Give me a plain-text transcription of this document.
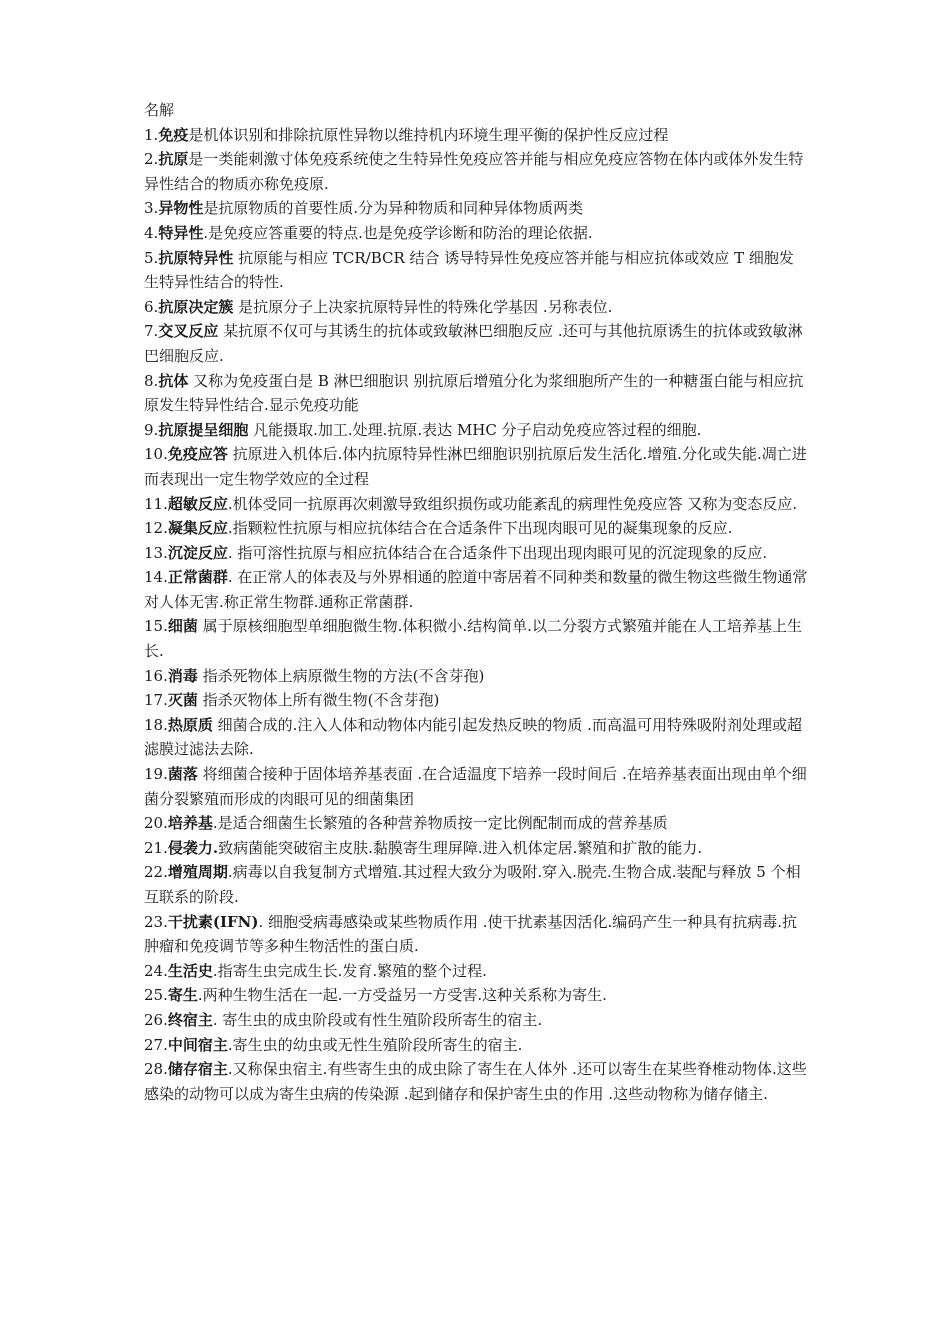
名解

1.免疫是机体识别和排除抗原性异物以维持机内环境生理平衡的保护性反应过程

2.抗原是一类能刺激寸体免疫系统使之生特异性免疫应答并能与相应免疫应答物在体内或体外发生特异性结合的物质亦称免疫原.

3.异物性是抗原物质的首要性质.分为异种物质和同种异体物质两类

4.特异性.是免疫应答重要的特点.也是免疫学诊断和防治的理论依据.

5.抗原特异性 抗原能与相应 TCR/BCR 结合 诱导特异性免疫应答并能与相应抗体或效应 T 细胞发生特异性结合的特性.

6.抗原决定簇 是抗原分子上决家抗原特异性的特殊化学基因 .另称表位.

7.交叉反应 某抗原不仅可与其诱生的抗体或致敏淋巴细胞反应 .还可与其他抗原诱生的抗体或致敏淋巴细胞反应.

8.抗体 又称为免疫蛋白是 B 淋巴细胞识 别抗原后增殖分化为浆细胞所产生的一种糖蛋白能与相应抗原发生特异性结合.显示免疫功能

9.抗原提呈细胞 凡能摄取.加工.处理.抗原.表达 MHC 分子启动免疫应答过程的细胞.

10.免疫应答 抗原进入机体后.体内抗原特异性淋巴细胞识别抗原后发生活化.增殖.分化或失能.凋亡进而表现出一定生物学效应的全过程

11.超敏反应.机体受同一抗原再次刺激导致组织损伤或功能紊乱的病理性免疫应答 又称为变态反应.

12.凝集反应.指颗粒性抗原与相应抗体结合在合适条件下出现肉眼可见的凝集现象的反应.

13.沉淀反应. 指可溶性抗原与相应抗体结合在合适条件下出现出现肉眼可见的沉淀现象的反应.

14.正常菌群. 在正常人的体表及与外界相通的腔道中寄居着不同种类和数量的微生物这些微生物通常对人体无害.称正常生物群.通称正常菌群.

15.细菌 属于原核细胞型单细胞微生物.体积微小.结构简单.以二分裂方式繁殖并能在人工培养基上生长.

16.消毒 指杀死物体上病原微生物的方法(不含芽孢)

17.灭菌 指杀灭物体上所有微生物(不含芽孢)

18.热原质 细菌合成的.注入人体和动物体内能引起发热反映的物质 .而高温可用特殊吸附剂处理或超滤膜过滤法去除.

19.菌落 将细菌合接种于固体培养基表面 .在合适温度下培养一段时间后 .在培养基表面出现由单个细菌分裂繁殖而形成的肉眼可见的细菌集团

20.培养基.是适合细菌生长繁殖的各种营养物质按一定比例配制而成的营养基质

21.侵袭力.致病菌能突破宿主皮肤.黏膜寄生理屏障.进入机体定居.繁殖和扩散的能力.

22.增殖周期.病毒以自我复制方式增殖.其过程大致分为吸附.穿入.脱壳.生物合成.装配与释放 5 个相互联系的阶段.

23.干扰素(IFN). 细胞受病毒感染或某些物质作用 .使干扰素基因活化.编码产生一种具有抗病毒.抗肿瘤和免疫调节等多种生物活性的蛋白质.

24.生活史.指寄生虫完成生长.发育.繁殖的整个过程.

25.寄生.两种生物生活在一起.一方受益另一方受害.这种关系称为寄生.

26.终宿主. 寄生虫的成虫阶段或有性生殖阶段所寄生的宿主.

27.中间宿主.寄生虫的幼虫或无性生殖阶段所寄生的宿主.

28.储存宿主.又称保虫宿主.有些寄生虫的成虫除了寄生在人体外 .还可以寄生在某些脊椎动物体.这些感染的动物可以成为寄生虫病的传染源 .起到储存和保护寄生虫的作用 .这些动物称为储存储主.
